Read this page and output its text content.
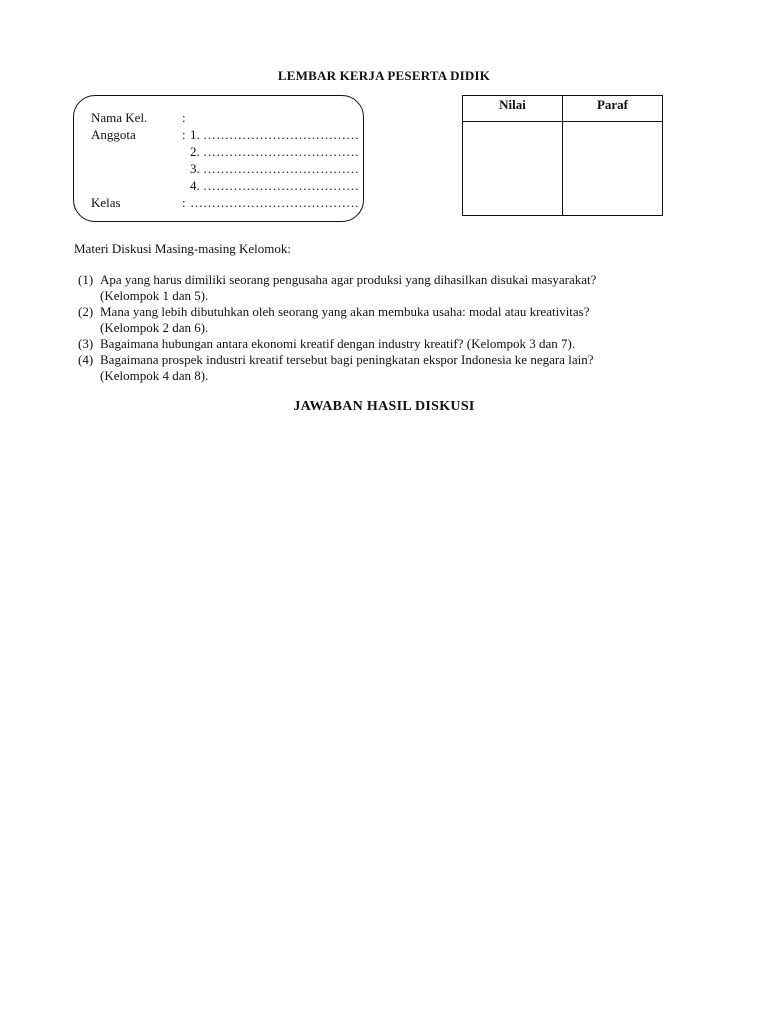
LEMBAR KERJA PESERTA DIDIK
Nama Kel.	:
Anggota	: 1. ………………………………
2. ………………………………
3. ………………………………
4. ………………………………
Kelas	: …………………………………
Nilai	Paraf

Materi Diskusi Masing-masing Kelomok:
(1) Apa yang harus dimiliki seorang pengusaha agar produksi yang dihasilkan disukai masyarakat?
(Kelompok 1 dan 5).
(2) Mana yang lebih dibutuhkan oleh seorang yang akan membuka usaha: modal atau kreativitas?
(Kelompok 2 dan 6).
(3) Bagaimana hubungan antara ekonomi kreatif dengan industry kreatif? (Kelompok 3 dan 7).
(4) Bagaimana prospek industri kreatif tersebut bagi peningkatan ekspor Indonesia ke negara lain?
(Kelompok 4 dan 8).
JAWABAN HASIL DISKUSI
